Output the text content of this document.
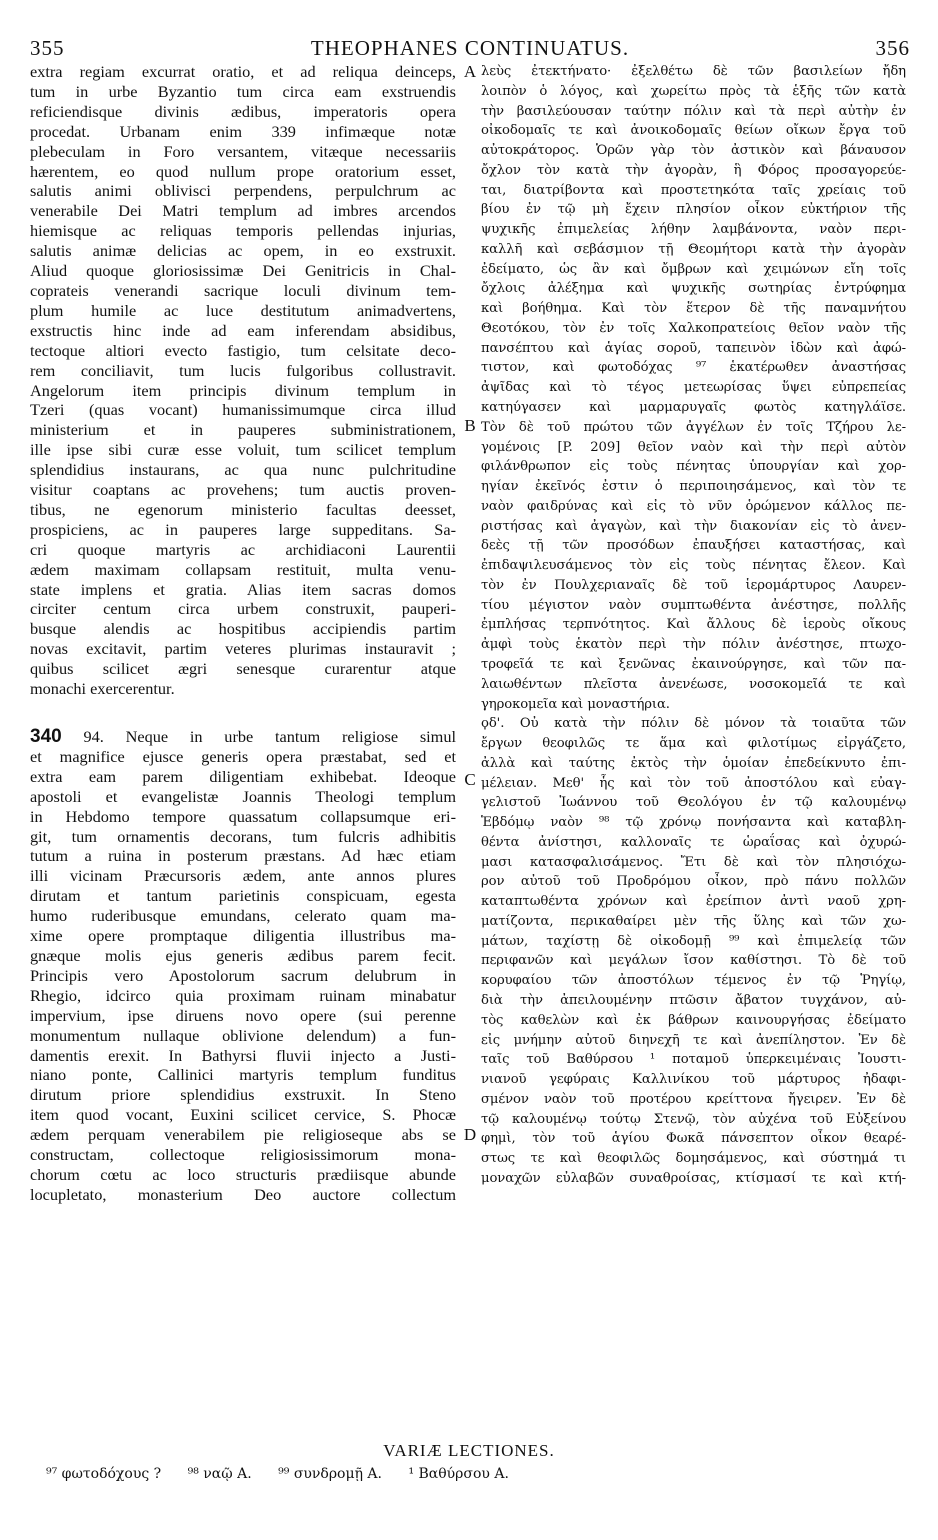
355	THEOPHANES CONTINUATUS.	356
extra regiam excurrat oratio, et ad reliqua deinceps,
tum in urbe Byzantio tum circa eam exstruendis
reficiendisque divinis ædibus, imperatoris opera
procedat. Urbanam enim 339 infimæque notæ
plebeculam in Foro versantem, vitæque necessariis
hærentem, eo quod nullum prope oratorium esset,
salutis animi oblivisci perpendens, perpulchrum ac
venerabile Dei Matri templum ad imbres arcendos
hiemisque ac reliquas temporis pellendas injurias,
salutis animæ delicias ac opem, in eo exstruxit.
Aliud quoque gloriosissimæ Dei Genitricis in Chal-
coprateis venerandi sacrique loculi divinum tem-
plum humile ac luce destitutum animadvertens,
exstructis hinc inde ad eam inferendam absidibus,
tectoque altiori evecto fastigio, tum celsitate deco-
rem conciliavit, tum lucis fulgoribus collustravit.
Angelorum item principis divinum templum in
Tzeri (quas vocant) humanissimumque circa illud
ministerium et in pauperes subministrationem,
ille ipse sibi curæ esse voluit, tum scilicet templum
splendidius instaurans, ac qua nunc pulchritudine
visitur coaptans ac provehens; tum auctis proven-
tibus, ne egenorum ministerio facultas deesset,
prospiciens, ac in pauperes large suppeditans. Sa-
cri quoque martyris ac archidiaconi Laurentii
ædem maximam collapsam restituit, multa venu-
state implens et gratia. Alias item sacras domos
circiter centum circa urbem construxit, pauperi-
busque alendis ac hospitibus accipiendis partim
novas excitavit, partim veteres plurimas instauravit ;
quibus scilicet ægri senesque curarentur atque
monachi exercerentur.
340 94. Neque in urbe tantum religiose simul
et magnifice ejusce generis opera præstabat, sed et
extra eam parem diligentiam exhibebat. Ideoque
apostoli et evangelistæ Joannis Theologi templum
in Hebdomo tempore quassatum collapsumque eri-
git, tum ornamentis decorans, tum fulcris adhibitis
tutum a ruina in posterum præstans. Ad hæc etiam
illi vicinam Præcursoris ædem, ante annos plures
dirutam et tantum parietinis conspicuam, egesta
humo ruderibusque emundans, celerato quam ma-
xime opere promptaque diligentia illustribus ma-
gnæque molis ejus generis ædibus parem fecit.
Principis vero Apostolorum sacrum delubrum in
Rhegio, idcirco quia proximam ruinam minabatur
impervium, ipse diruens novo opere (sui perenne
monumentum nullaque oblivione delendum) a fun-
damentis erexit. In Bathyrsi fluvii injecto a Justi-
niano ponte, Callinici martyris templum funditus
dirutum priore splendidius exstruxit. In Steno
item quod vocant, Euxini scilicet cervice, S. Phocæ
ædem perquam venerabilem pie religioseque abs se
constructam, collectoque religiosissimorum mona-
chorum cœtu ac loco structuris prædiisque abunde
locupletato, monasterium Deo auctore collectum
λεὺς ἐτεκτήνατο· ἐξελθέτω δὲ τῶν βασιλείων ἤδη
λοιπὸν ὁ λόγος, καὶ χωρείτω πρὸς τὰ ἑξῆς τῶν κατὰ
τὴν βασιλεύουσαν ταύτην πόλιν καὶ τὰ περὶ αὐτὴν ἐν
οἰκοδομαῖς τε καὶ ἀνοικοδομαῖς θείων οἴκων ἔργα τοῦ
αὐτοκράτορος. Ὁρῶν γὰρ τὸν ἀστικὸν καὶ βάναυσον
ὄχλον τὸν κατὰ τὴν ἀγορὰν, ἣ Φόρος προσαγορεύε-
ται, διατρίβοντα καὶ προστετηκότα ταῖς χρείαις τοῦ
βίου ἐν τῷ μὴ ἔχειν πλησίον οἶκον εὐκτήριον τῆς
ψυχικῆς ἐπιμελείας λήθην λαμβάνοντα, ναὸν περι-
καλλῆ καὶ σεβάσμιον τῇ Θεομήτορι κατὰ τὴν ἀγορὰν
ἐδείματο, ὡς ἂν καὶ ὄμβρων καὶ χειμώνων εἴη τοῖς
ὄχλοις ἀλέξημα καὶ ψυχικῆς σωτηρίας ἐντρύφημα
καὶ βοήθημα. Καὶ τὸν ἕτερον δὲ τῆς παναμνήτου
Θεοτόκου, τὸν ἐν τοῖς Χαλκοπρατείοις θεῖον ναὸν τῆς
πανσέπτου καὶ ἁγίας σοροῦ, ταπεινὸν ἰδὼν καὶ ἀφώ-
τιστον, καὶ φωτοδόχας ⁹⁷ ἑκατέρωθεν ἀναστήσας
ἀψῖδας καὶ τὸ τέγος μετεωρίσας ὕψει εὐπρεπείας
κατηύγασεν καὶ μαρμαρυγαῖς φωτὸς κατηγλάϊσε.
Τὸν δὲ τοῦ πρώτου τῶν ἀγγέλων ἐν τοῖς Τζήρου λε-
γομένοις [P. 209] θεῖον ναὸν καὶ τὴν περὶ αὐτὸν
φιλάνθρωπον εἰς τοὺς πένητας ὑπουργίαν καὶ χορ-
ηγίαν ἐκεῖνός ἐστιν ὁ περιποιησάμενος, καὶ τὸν τε
ναὸν φαιδρύνας καὶ εἰς τὸ νῦν ὁρώμενον κάλλος πε-
ριστήσας καὶ ἀγαγὼν, καὶ τὴν διακονίαν εἰς τὸ ἀνεν-
δεὲς τῇ τῶν προσόδων ἐπαυξήσει καταστήσας, καὶ
ἐπιδαψιλευσάμενος τὸν εἰς τοὺς πένητας ἔλεον. Καὶ
τὸν ἐν Πουλχεριαναῖς δὲ τοῦ ἱερομάρτυρος Λαυρεν-
τίου μέγιστον ναὸν συμπτωθέντα ἀνέστησε, πολλῆς
ἐμπλήσας τερπνότητος. Καὶ ἄλλους δὲ ἱεροὺς οἴκους
ἀμφὶ τοὺς ἑκατὸν περὶ τὴν πόλιν ἀνέστησε, πτωχο-
τροφεῖά τε καὶ ξενῶνας ἐκαινούργησε, καὶ τῶν πα-
λαιωθέντων πλεῖστα ἀνενέωσε, νοσοκομεῖά τε καὶ
γηροκομεῖα καὶ μοναστήρια.
ϙδ'. Οὐ κατὰ τὴν πόλιν δὲ μόνον τὰ τοιαῦτα τῶν
ἔργων θεοφιλῶς τε ἅμα καὶ φιλοτίμως εἰργάζετο,
ἀλλὰ καὶ ταύτης ἐκτὸς τὴν ὁμοίαν ἐπεδείκνυτο ἐπι-
μέλειαν. Μεθ' ἧς καὶ τὸν τοῦ ἀποστόλου καὶ εὐαγ-
γελιστοῦ Ἰωάννου τοῦ Θεολόγου ἐν τῷ καλουμένῳ
Ἑβδόμῳ ναὸν ⁹⁸ τῷ χρόνῳ πονήσαντα καὶ καταβλη-
θέντα ἀνίστησι, καλλοναῖς τε ὡραΐσας καὶ ὀχυρώ-
μασι κατασφαλισάμενος. Ἔτι δὲ καὶ τὸν πλησιόχω-
ρον αὐτοῦ τοῦ Προδρόμου οἶκον, πρὸ πάνυ πολλῶν
καταπτωθέντα χρόνων καὶ ἐρείπιον ἀντὶ ναοῦ χρη-
ματίζοντα, περικαθαίρει μὲν τῆς ὕλης καὶ τῶν χω-
μάτων, ταχίστῃ δὲ οἰκοδομῇ ⁹⁹ καὶ ἐπιμελείᾳ τῶν
περιφανῶν καὶ μεγάλων ἴσον καθίστησι. Τὸ δὲ τοῦ
κορυφαίου τῶν ἀποστόλων τέμενος ἐν τῷ Ῥηγίῳ,
διὰ τὴν ἀπειλουμένην πτῶσιν ἄβατον τυγχάνον, αὐ-
τὸς καθελὼν καὶ ἐκ βάθρων καινουργήσας ἐδείματο
εἰς μνήμην αὐτοῦ διηνεχῆ τε καὶ ἀνεπίληστον. Ἐν δὲ
ταῖς τοῦ Βαθύρσου ¹ ποταμοῦ ὑπερκειμέναις Ἰουστι-
νιανοῦ γεφύραις Καλλινίκου τοῦ μάρτυρος ἠδαφι-
σμένον ναὸν τοῦ προτέρου κρείττονα ἤγειρεν. Ἐν δὲ
τῷ καλουμένῳ τούτῳ Στενῷ, τὸν αὐχένα τοῦ Εὐξείνου
φημὶ, τὸν τοῦ ἁγίου Φωκᾶ πάνσεπτον οἶκον θεαρέ-
στως τε καὶ θεοφιλῶς δομησάμενος, καὶ σύστημά τι
μοναχῶν εὐλαβῶν συναθροίσας, κτίσμασί τε καὶ κτή-
A
B
C
D
VARIÆ LECTIONES.
⁹⁷ φωτοδόχους ? ⁹⁸ ναῷ A. ⁹⁹ συνδρομῇ A. ¹ Βαθύρσου A.
